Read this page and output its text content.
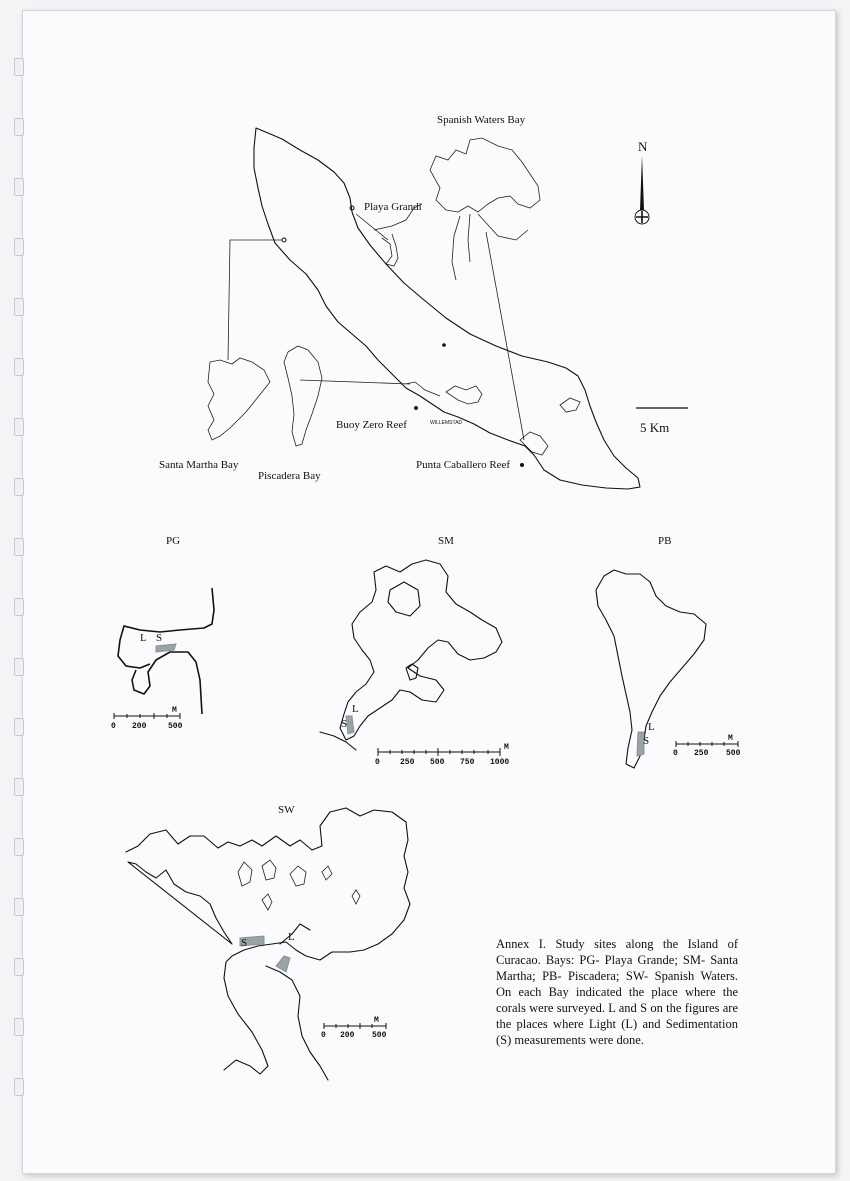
WILLEMSTAD
Spanish Waters Bay
Playa Grandi
Buoy Zero Reef
Santa Martha Bay
Piscadera Bay
Punta Caballero Reef
N
5 Km
PG
L S
M
0 200	500
SM
L
S
M
0	250 500 750 1000
PB
L
S	M
0 250 500
SW
S	L
M
0 200 500
Annex I. Study sites along the Island of Curacao. Bays: PG- Playa Grande; SM- Santa Martha; PB- Piscadera; SW- Spanish Waters. On each Bay indicated the place where the corals were surveyed. L and S on the figures are the places where Light (L) and Sedimentation (S) measurements were done.
